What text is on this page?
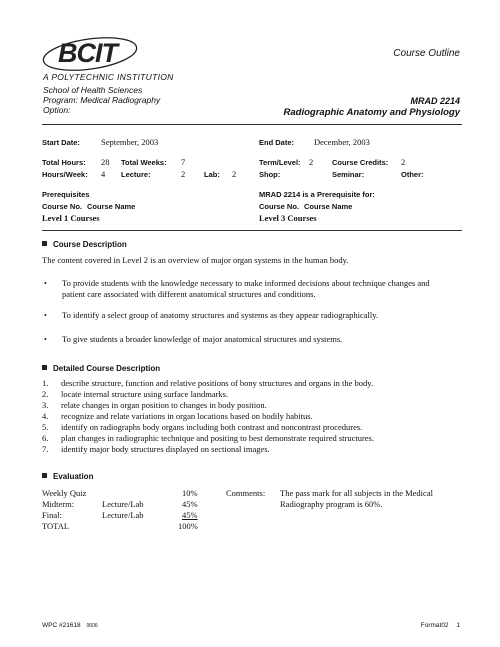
BCIT
A POLYTECHNIC INSTITUTION
School of Health Sciences
Program: Medical Radiography
Option:
Course Outline
MRAD 2214
Radiographic Anatomy and Physiology
Start Date: September, 2003	End Date: December, 2003
Total Hours: 28 Total Weeks: 7	Term/Level: 2	Course Credits: 2
Hours/Week: 4 Lecture:	2	Lab: 2	Shop:	Seminar:	Other:
Prerequisites	MRAD 2214 is a Prerequisite for:
Course No. Course Name	Course No. Course Name
Level 1 Courses	Level 3 Courses
Course Description
The content covered in Level 2 is an overview of major organ systems in the human body.
• To provide students with the knowledge necessary to make informed decisions about technique changes and
patient care associated with different anatomical structures and conditions.
• To identify a select group of anatomy structures and systems as they appear radiographically.
• To give students a broader knowledge of major anatomical structures and systems.
Detailed Course Description
1. describe structure, function and relative positions of bony structures and organs in the body.
2. locate internal structure using surface landmarks.
3. relate changes in organ position to changes in body position.
4. recognize and relate variations in organ locations based on bodily habitus.
5. identify on radiographs body organs including both contrast and noncontrast procedures.
6. plan changes in radiographic technique and positing to best demonstrate required structures.
7. identify major body structures displayed on sectional images.
Evaluation
Weekly Quiz	10%
Midterm:	Lecture/Lab	45%
Final:	Lecture/Lab	45%
TOTAL	100%
Comments: The pass mark for all subjects in the Medical
Radiography program is 60%.
WPC #21618 0606	Format02 1
